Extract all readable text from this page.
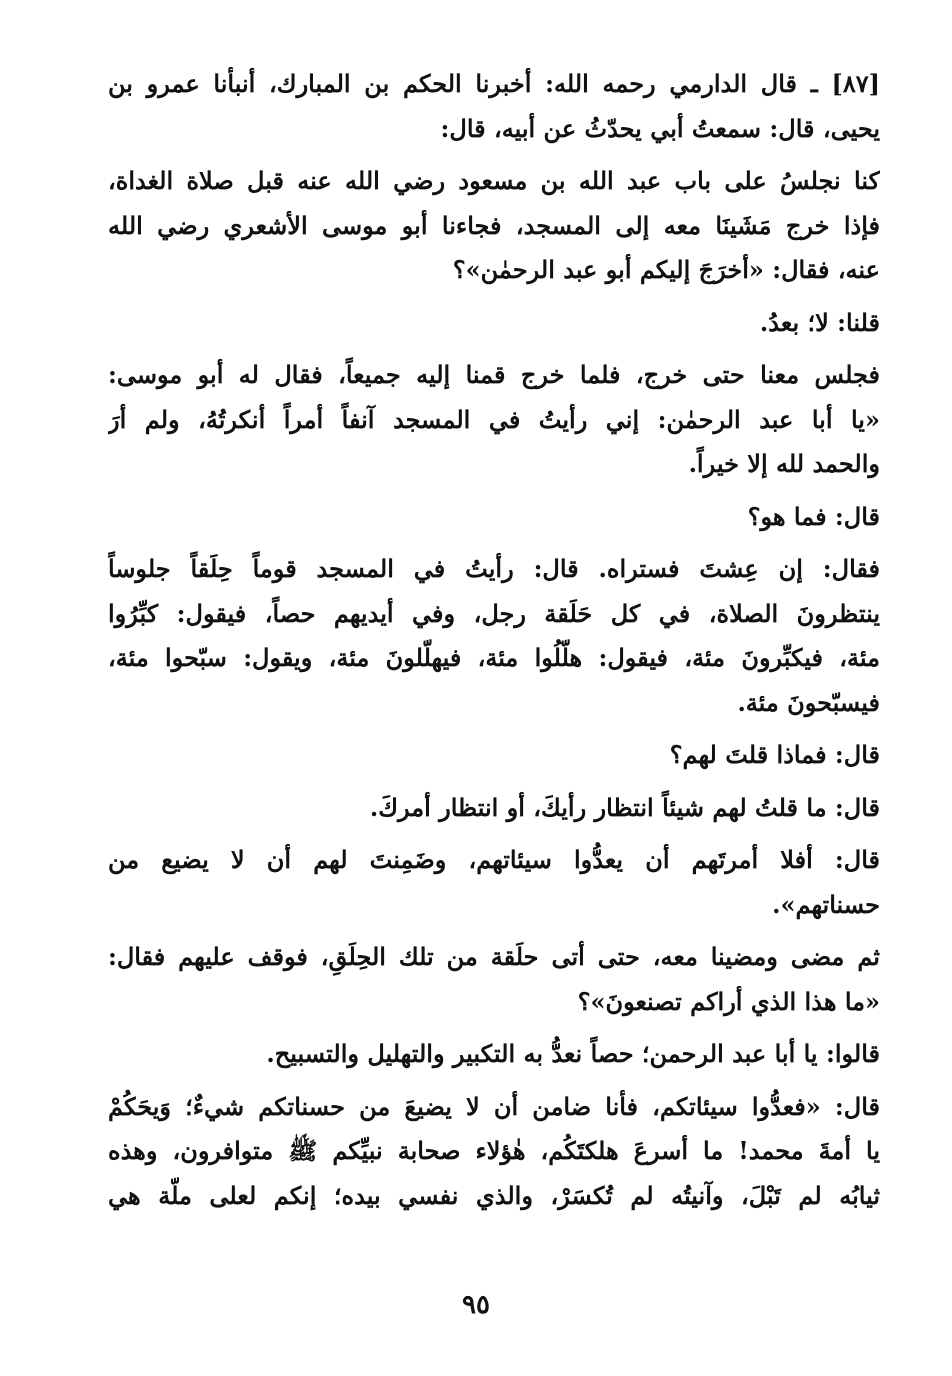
[٨٧] ـ قال الدارمي رحمه الله: أخبرنا الحكم بن المبارك، أنبأنا عمرو بن
يحيى، قال: سمعتُ أبي يحدّثُ عن أبيه، قال:
كنا نجلسُ على باب عبد الله بن مسعود رضي الله عنه قبل صلاة الغداة،
فإذا خرج مَشَينَا معه إلى المسجد، فجاءنا أبو موسى الأشعري رضي الله
عنه، فقال: «أخرَجَ إليكم أبو عبد الرحمٰن»؟
قلنا: لا؛ بعدُ.
فجلس معنا حتى خرج، فلما خرج قمنا إليه جميعاً، فقال له أبو موسى:
«يا أبا عبد الرحمٰن: إني رأيتُ في المسجد آنفاً أمراً أنكرتُهُ، ولم أرَ
والحمد لله إلا خيراً.
قال: فما هو؟
فقال: إن عِشتَ فستراه. قال: رأيتُ في المسجد قوماً حِلَقاً جلوساً
ينتظرونَ الصلاة، في كل حَلَقة رجل، وفي أيديهم حصاً، فيقول: كبِّرُوا
مئة، فيكبِّرونَ مئة، فيقول: هلّلُوا مئة، فيهلّلونَ مئة، ويقول: سبّحوا مئة،
فيسبّحونَ مئة.
قال: فماذا قلتَ لهم؟
قال: ما قلتُ لهم شيئاً انتظار رأيكَ، أو انتظار أمركَ.
قال: أفلا أمرتَهم أن يعدُّوا سيئاتهم، وضَمِنتَ لهم أن لا يضيع من
حسناتهم».
ثم مضى ومضينا معه، حتى أتى حلَقة من تلك الحِلَقِ، فوقف عليهم فقال:
«ما هذا الذي أراكم تصنعونَ»؟
قالوا: يا أبا عبد الرحمن؛ حصاً نعدُّ به التكبير والتهليل والتسبيح.
قال: «فعدُّوا سيئاتكم، فأنا ضامن أن لا يضيعَ من حسناتكم شيءٌ؛ وَيحَكُمْ
يا أمةَ محمد! ما أسرعَ هلكتَكُم، هٰؤلاء صحابة نبيِّكم ﷺ متوافرون، وهذه
ثيابُه لم تَبْلَ، وآنيتُه لم تُكسَرْ، والذي نفسي بيده؛ إنكم لعلى ملّة هي
٩٥
